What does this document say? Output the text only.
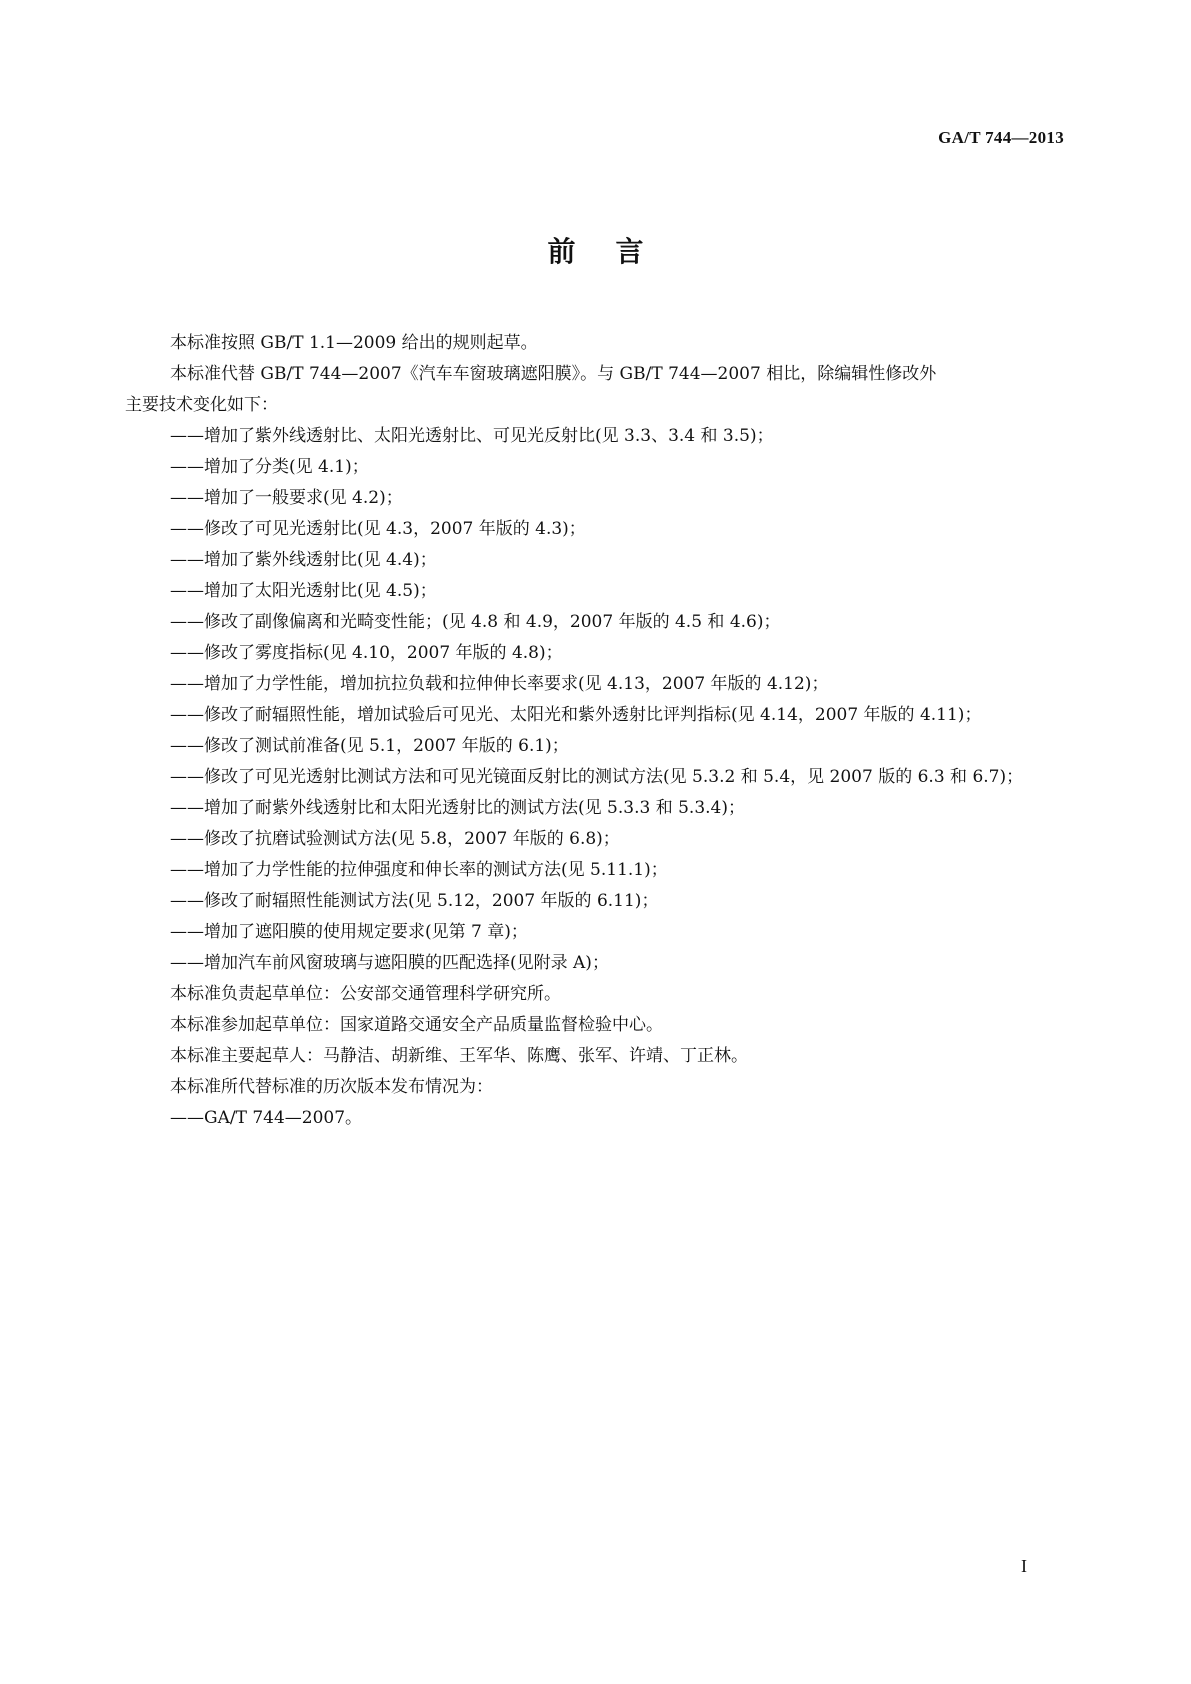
GA/T 744—2013
前言

本标准按照 GB/T 1.1—2009 给出的规则起草。

本标准代替 GB/T 744—2007《汽车车窗玻璃遮阳膜》。与 GB/T 744—2007 相比，除编辑性修改外

主要技术变化如下：

——增加了紫外线透射比、太阳光透射比、可见光反射比(见 3.3、3.4 和 3.5)；

——增加了分类(见 4.1)；

——增加了一般要求(见 4.2)；

——修改了可见光透射比(见 4.3，2007 年版的 4.3)；

——增加了紫外线透射比(见 4.4)；

——增加了太阳光透射比(见 4.5)；

——修改了副像偏离和光畸变性能；(见 4.8 和 4.9，2007 年版的 4.5 和 4.6)；

——修改了雾度指标(见 4.10，2007 年版的 4.8)；

——增加了力学性能，增加抗拉负载和拉伸伸长率要求(见 4.13，2007 年版的 4.12)；

——修改了耐辐照性能，增加试验后可见光、太阳光和紫外透射比评判指标(见 4.14，2007 年版的 4.11)；

——修改了测试前准备(见 5.1，2007 年版的 6.1)；

——修改了可见光透射比测试方法和可见光镜面反射比的测试方法(见 5.3.2 和 5.4，见 2007 版的 6.3 和 6.7)；

——增加了耐紫外线透射比和太阳光透射比的测试方法(见 5.3.3 和 5.3.4)；

——修改了抗磨试验测试方法(见 5.8，2007 年版的 6.8)；

——增加了力学性能的拉伸强度和伸长率的测试方法(见 5.11.1)；

——修改了耐辐照性能测试方法(见 5.12，2007 年版的 6.11)；

——增加了遮阳膜的使用规定要求(见第 7 章)；

——增加汽车前风窗玻璃与遮阳膜的匹配选择(见附录 A)；

本标准负责起草单位：公安部交通管理科学研究所。

本标准参加起草单位：国家道路交通安全产品质量监督检验中心。

本标准主要起草人：马静洁、胡新维、王军华、陈鹰、张军、许靖、丁正林。

本标准所代替标准的历次版本发布情况为：

——GA/T 744—2007。

I
